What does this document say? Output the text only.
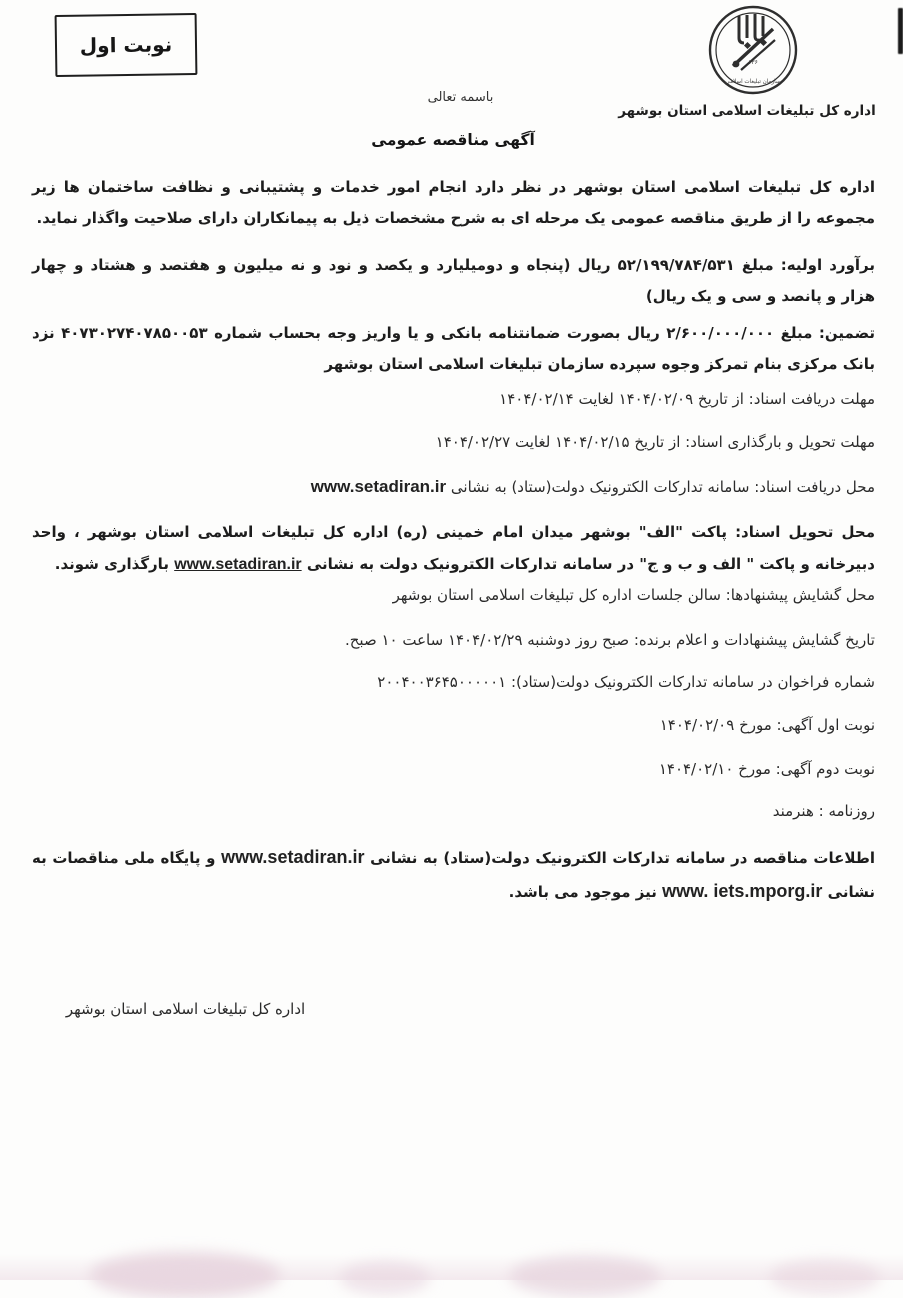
نوبت اول
۱۳۶
سازمان تبلیغات اسلامی
اداره کل تبلیغات اسلامی استان بوشهر
باسمه تعالی
آگهی مناقصه عمومی
اداره کل تبلیغات اسلامی استان بوشهر در نظر دارد انجام امور خدمات و پشتیبانی و نظافت ساختمان ها زیر مجموعه را از طریق مناقصه عمومی یک مرحله ای به شرح مشخصات ذیل به پیمانکاران دارای صلاحیت واگذار نماید.
برآورد اولیه: مبلغ ۵۲/۱۹۹/۷۸۴/۵۳۱ ریال (پنجاه و دومیلیارد و یکصد و نود و نه میلیون و هفتصد و هشتاد و چهار هزار و پانصد و سی و یک ریال)
تضمین: مبلغ ۲/۶۰۰/۰۰۰/۰۰۰ ریال بصورت ضمانتنامه بانکی و یا واریز وجه بحساب شماره ۴۰۷۳۰۲۷۴۰۷۸۵۰۰۵۳ نزد بانک مرکزی بنام تمرکز وجوه سپرده سازمان تبلیغات اسلامی استان بوشهر
مهلت دریافت اسناد: از تاریخ ۱۴۰۴/۰۲/۰۹ لغایت ۱۴۰۴/۰۲/۱۴
مهلت تحویل و بارگذاری اسناد: از تاریخ ۱۴۰۴/۰۲/۱۵ لغایت ۱۴۰۴/۰۲/۲۷
محل دریافت اسناد: سامانه تدارکات الکترونیک دولت(ستاد) به نشانی www.setadiran.ir
محل تحویل اسناد: پاکت "الف" بوشهر میدان امام خمینی (ره) اداره کل تبلیغات اسلامی استان بوشهر ، واحد دبیرخانه و پاکت " الف و ب و ج" در سامانه تدارکات الکترونیک دولت به نشانی www.setadiran.ir بارگذاری شوند.
محل گشایش پیشنهادها: سالن جلسات اداره کل تبلیغات اسلامی استان بوشهر
تاریخ گشایش پیشنهادات و اعلام برنده: صبح روز دوشنبه ۱۴۰۴/۰۲/۲۹ ساعت ۱۰ صبح.
شماره فراخوان در سامانه تدارکات الکترونیک دولت(ستاد): ۲۰۰۴۰۰۳۶۴۵۰۰۰۰۰۱
نوبت اول آگهی: مورخ ۱۴۰۴/۰۲/۰۹
نوبت دوم آگهی: مورخ ۱۴۰۴/۰۲/۱۰
روزنامه : هنرمند
اطلاعات مناقصه در سامانه تدارکات الکترونیک دولت(ستاد) به نشانی www.setadiran.ir و پایگاه ملی مناقصات به نشانی www. iets.mporg.ir نیز موجود می باشد.
اداره کل تبلیغات اسلامی استان بوشهر
